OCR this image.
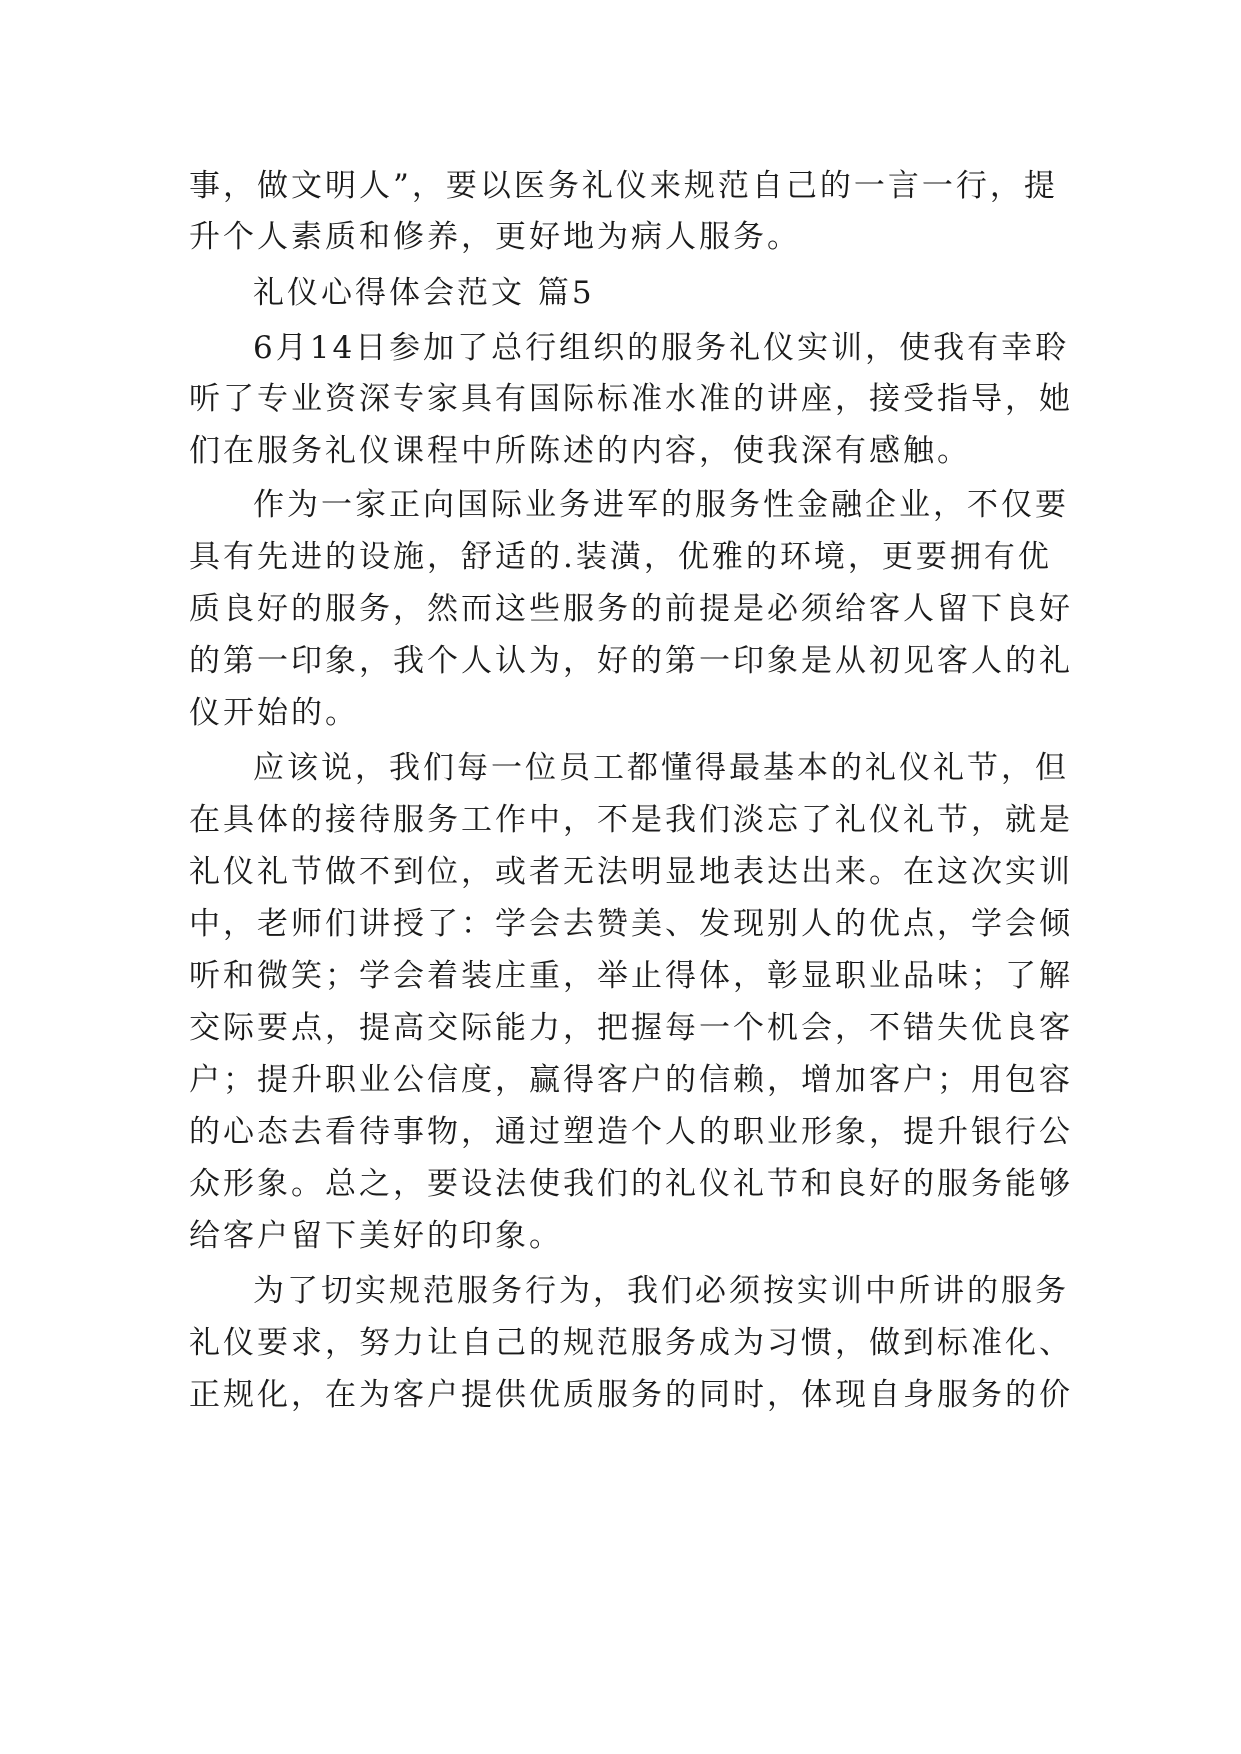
事，做文明人”，要以医务礼仪来规范自己的一言一行，提
升个人素质和修养，更好地为病人服务。
礼仪心得体会范文 篇5
6月14日参加了总行组织的服务礼仪实训，使我有幸聆
听了专业资深专家具有国际标准水准的讲座，接受指导，她
们在服务礼仪课程中所陈述的内容，使我深有感触。
作为一家正向国际业务进军的服务性金融企业，不仅要
具有先进的设施，舒适的.装潢，优雅的环境，更要拥有优
质良好的服务，然而这些服务的前提是必须给客人留下良好
的第一印象，我个人认为，好的第一印象是从初见客人的礼
仪开始的。
应该说，我们每一位员工都懂得最基本的礼仪礼节，但
在具体的接待服务工作中，不是我们淡忘了礼仪礼节，就是
礼仪礼节做不到位，或者无法明显地表达出来。在这次实训
中，老师们讲授了：学会去赞美、发现别人的优点，学会倾
听和微笑；学会着装庄重，举止得体，彰显职业品味；了解
交际要点，提高交际能力，把握每一个机会，不错失优良客
户；提升职业公信度，赢得客户的信赖，增加客户；用包容
的心态去看待事物，通过塑造个人的职业形象，提升银行公
众形象。总之，要设法使我们的礼仪礼节和良好的服务能够
给客户留下美好的印象。
为了切实规范服务行为，我们必须按实训中所讲的服务
礼仪要求，努力让自己的规范服务成为习惯，做到标准化、
正规化，在为客户提供优质服务的同时，体现自身服务的价
